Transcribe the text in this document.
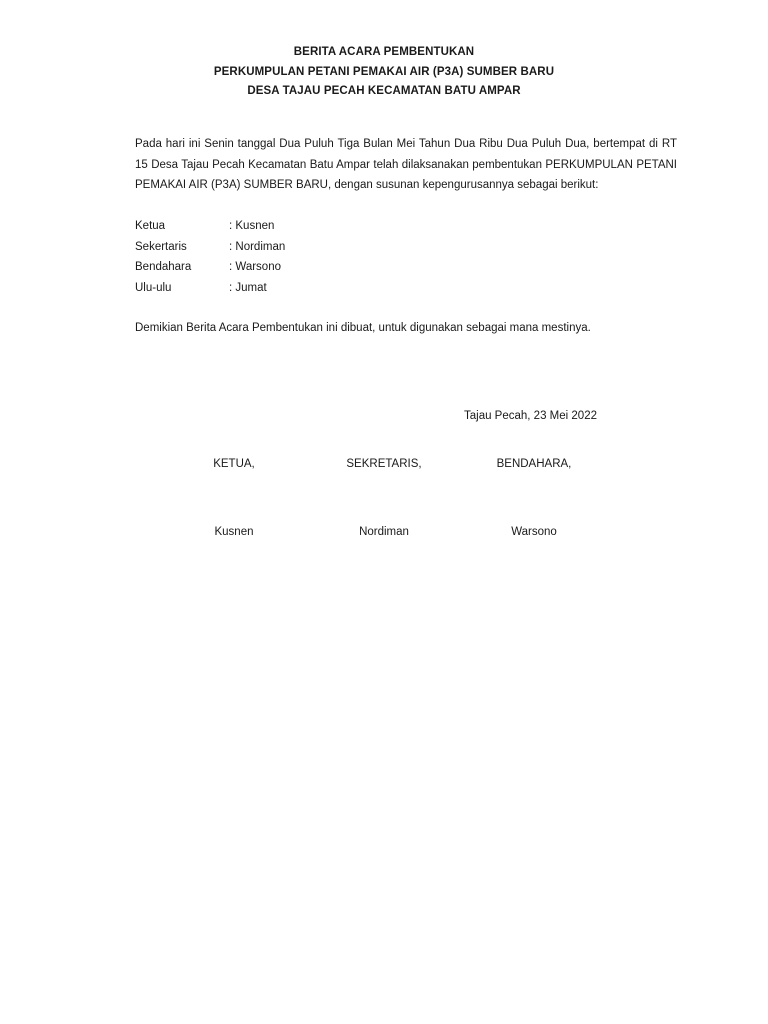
BERITA ACARA PEMBENTUKAN
PERKUMPULAN PETANI PEMAKAI AIR (P3A) SUMBER BARU
DESA TAJAU PECAH KECAMATAN BATU AMPAR
Pada hari ini Senin tanggal Dua Puluh Tiga Bulan Mei Tahun Dua Ribu Dua Puluh Dua, bertempat di RT 15 Desa Tajau Pecah Kecamatan Batu Ampar telah dilaksanakan pembentukan PERKUMPULAN PETANI PEMAKAI AIR (P3A) SUMBER BARU, dengan susunan kepengurusannya sebagai berikut:
Ketua	: Kusnen
Sekertaris	: Nordiman
Bendahara	: Warsono
Ulu-ulu	: Jumat
Demikian Berita Acara Pembentukan ini dibuat, untuk digunakan sebagai mana mestinya.
Tajau Pecah, 23 Mei 2022
KETUA,	SEKRETARIS,	BENDAHARA,
Kusnen	Nordiman	Warsono
